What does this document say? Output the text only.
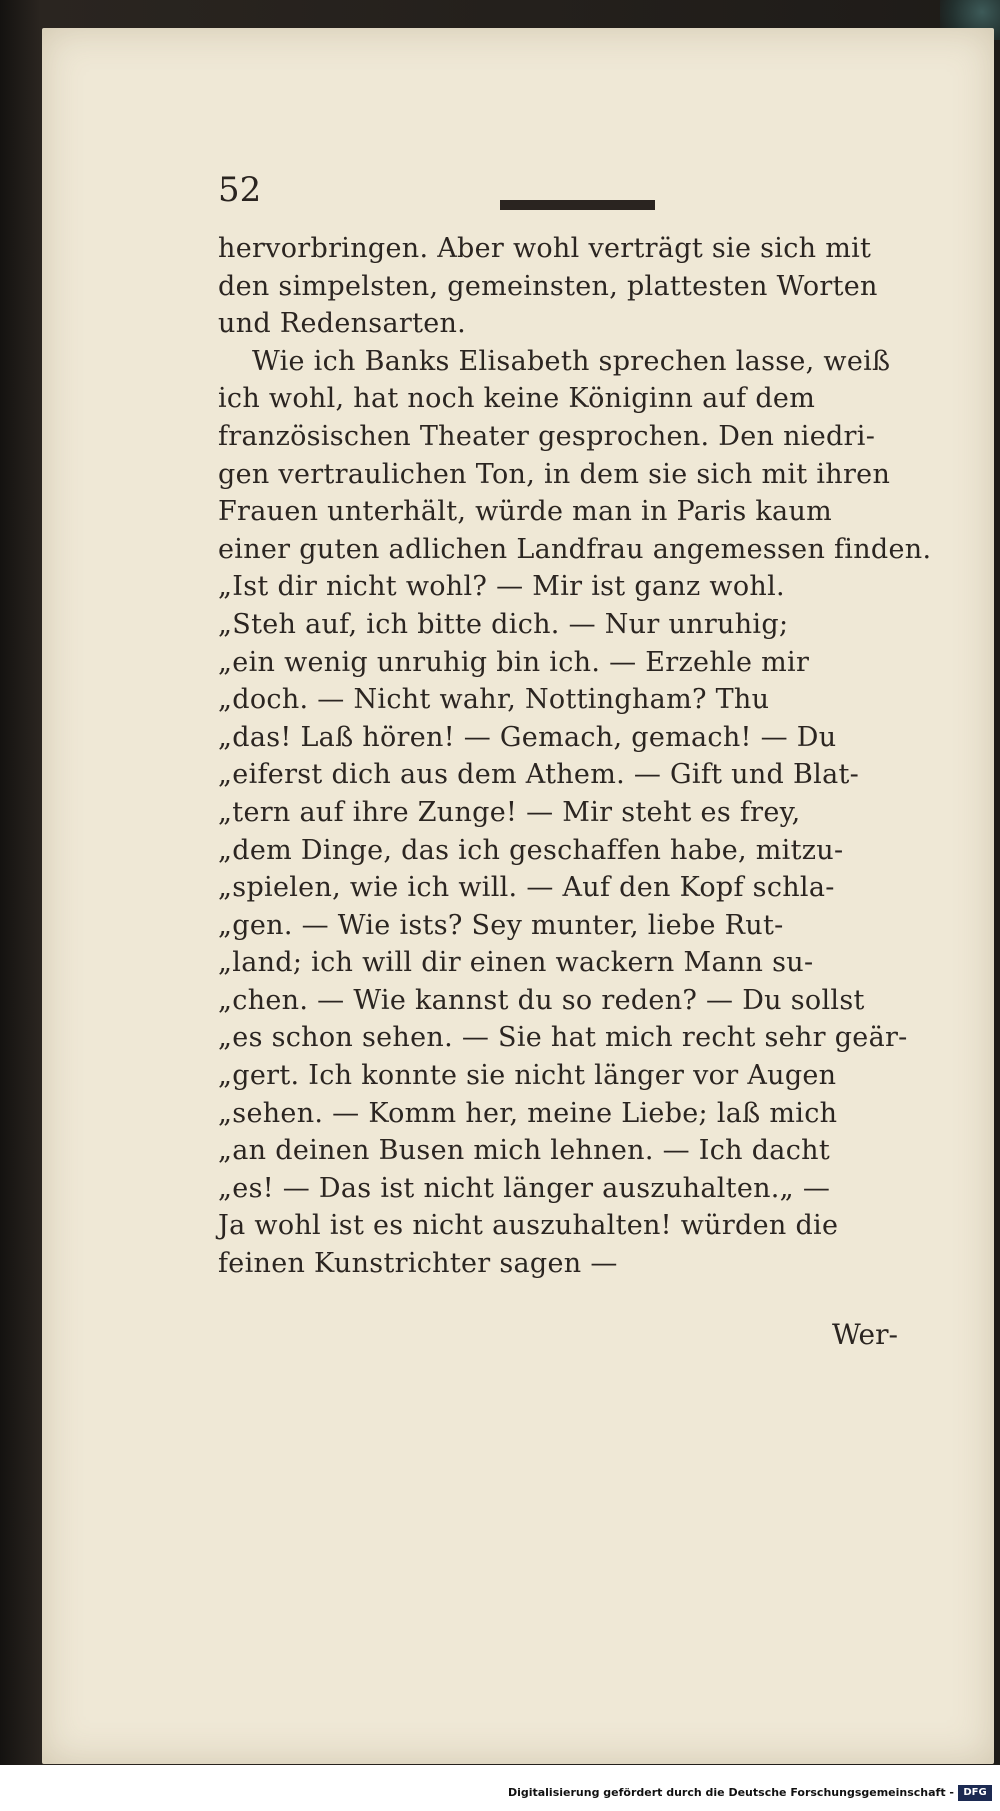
52
hervorbringen. Aber wohl verträgt sie sich mit
den simpelsten, gemeinsten, plattesten Worten
und Redensarten.
Wie ich Banks Elisabeth sprechen lasse, weiß
ich wohl, hat noch keine Königinn auf dem
französischen Theater gesprochen. Den niedri-
gen vertraulichen Ton, in dem sie sich mit ihren
Frauen unterhält, würde man in Paris kaum
einer guten adlichen Landfrau angemessen finden.
„Ist dir nicht wohl? — Mir ist ganz wohl.
„Steh auf, ich bitte dich. — Nur unruhig;
„ein wenig unruhig bin ich. — Erzehle mir
„doch. — Nicht wahr, Nottingham? Thu
„das! Laß hören! — Gemach, gemach! — Du
„eiferst dich aus dem Athem. — Gift und Blat-
„tern auf ihre Zunge! — Mir steht es frey,
„dem Dinge, das ich geschaffen habe, mitzu-
„spielen, wie ich will. — Auf den Kopf schla-
„gen. — Wie ists? Sey munter, liebe Rut-
„land; ich will dir einen wackern Mann su-
„chen. — Wie kannst du so reden? — Du sollst
„es schon sehen. — Sie hat mich recht sehr geär-
„gert. Ich konnte sie nicht länger vor Augen
„sehen. — Komm her, meine Liebe; laß mich
„an deinen Busen mich lehnen. — Ich dacht
„es! — Das ist nicht länger auszuhalten.„ —
Ja wohl ist es nicht auszuhalten! würden die
feinen Kunstrichter sagen —
Wer-
Digitalisierung gefördert durch die Deutsche Forschungsgemeinschaft - DFG
